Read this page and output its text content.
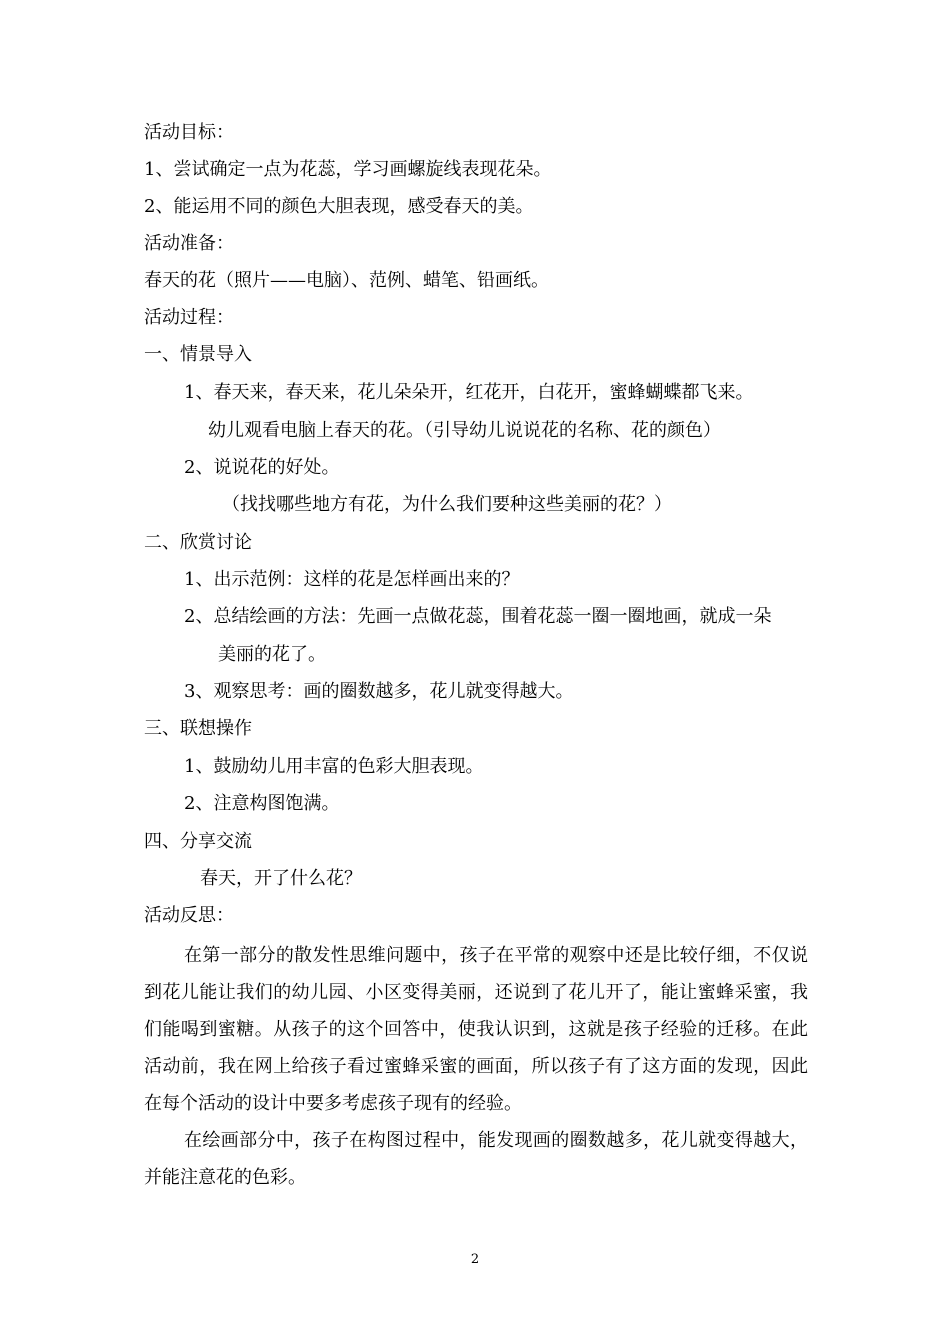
活动目标：

1、尝试确定一点为花蕊，学习画螺旋线表现花朵。

2、能运用不同的颜色大胆表现，感受春天的美。

活动准备：

春天的花（照片——电脑）、范例、蜡笔、铅画纸。

活动过程：

一、情景导入

1、春天来，春天来，花儿朵朵开，红花开，白花开，蜜蜂蝴蝶都飞来。

幼儿观看电脑上春天的花。（引导幼儿说说花的名称、花的颜色）

2、说说花的好处。

（找找哪些地方有花，为什么我们要种这些美丽的花？）

二、欣赏讨论

1、出示范例：这样的花是怎样画出来的？

2、总结绘画的方法：先画一点做花蕊，围着花蕊一圈一圈地画，就成一朵

美丽的花了。

3、观察思考：画的圈数越多，花儿就变得越大。

三、联想操作

1、鼓励幼儿用丰富的色彩大胆表现。

2、注意构图饱满。

四、分享交流

春天，开了什么花？

活动反思：

在第一部分的散发性思维问题中，孩子在平常的观察中还是比较仔细，不仅说到花儿能让我们的幼儿园、小区变得美丽，还说到了花儿开了，能让蜜蜂采蜜，我们能喝到蜜糖。从孩子的这个回答中，使我认识到，这就是孩子经验的迁移。在此活动前，我在网上给孩子看过蜜蜂采蜜的画面，所以孩子有了这方面的发现，因此在每个活动的设计中要多考虑孩子现有的经验。

在绘画部分中，孩子在构图过程中，能发现画的圈数越多，花儿就变得越大，并能注意花的色彩。

2
